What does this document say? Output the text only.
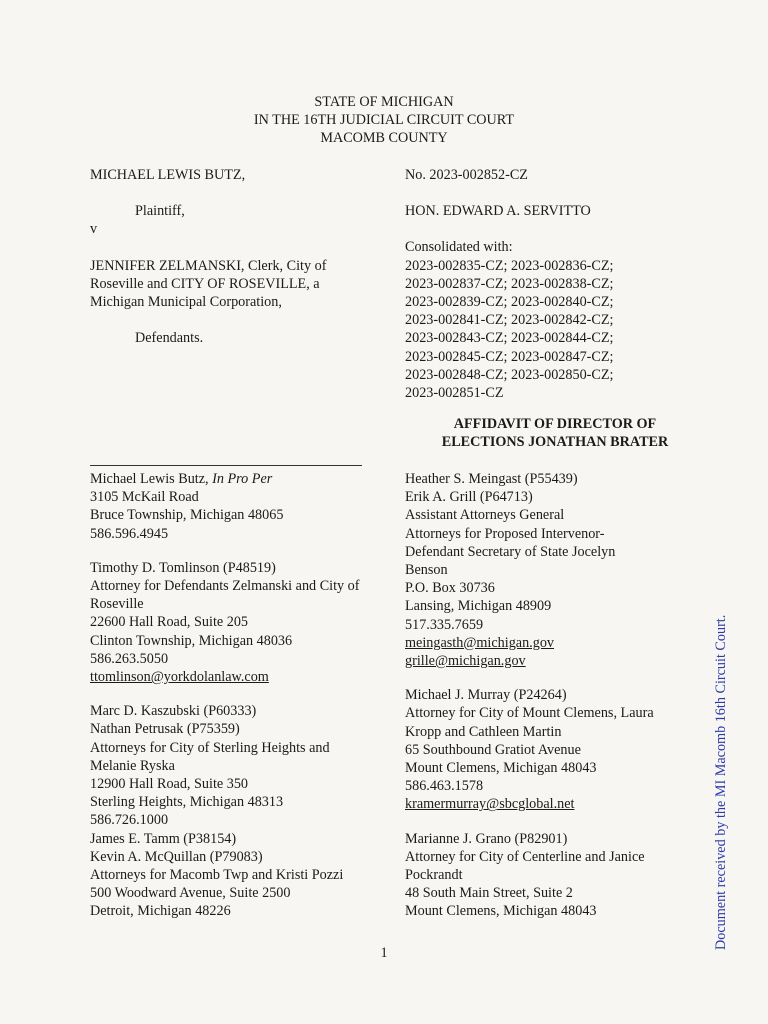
STATE OF MICHIGAN
IN THE 16TH JUDICIAL CIRCUIT COURT
MACOMB COUNTY
MICHAEL LEWIS BUTZ,
Plaintiff,
v
JENNIFER ZELMANSKI, Clerk, City of
Roseville and CITY OF ROSEVILLE, a
Michigan Municipal Corporation,
Defendants.
No. 2023-002852-CZ
HON. EDWARD A. SERVITTO
Consolidated with:
2023-002835-CZ; 2023-002836-CZ;
2023-002837-CZ; 2023-002838-CZ;
2023-002839-CZ; 2023-002840-CZ;
2023-002841-CZ; 2023-002842-CZ;
2023-002843-CZ; 2023-002844-CZ;
2023-002845-CZ; 2023-002847-CZ;
2023-002848-CZ; 2023-002850-CZ;
2023-002851-CZ
AFFIDAVIT OF DIRECTOR OF
ELECTIONS JONATHAN BRATER
Michael Lewis Butz, In Pro Per
3105 McKail Road
Bruce Township, Michigan 48065
586.596.4945
Timothy D. Tomlinson (P48519)
Attorney for Defendants Zelmanski and City of
Roseville
22600 Hall Road, Suite 205
Clinton Township, Michigan 48036
586.263.5050
ttomlinson@yorkdolanlaw.com
Marc D. Kaszubski (P60333)
Nathan Petrusak (P75359)
Attorneys for City of Sterling Heights and
Melanie Ryska
12900 Hall Road, Suite 350
Sterling Heights, Michigan 48313
586.726.1000
James E. Tamm (P38154)
Kevin A. McQuillan (P79083)
Attorneys for Macomb Twp and Kristi Pozzi
500 Woodward Avenue, Suite 2500
Detroit, Michigan 48226
Heather S. Meingast (P55439)
Erik A. Grill (P64713)
Assistant Attorneys General
Attorneys for Proposed Intervenor-
Defendant Secretary of State Jocelyn
Benson
P.O. Box 30736
Lansing, Michigan 48909
517.335.7659
meingasth@michigan.gov
grille@michigan.gov
Michael J. Murray (P24264)
Attorney for City of Mount Clemens, Laura
Kropp and Cathleen Martin
65 Southbound Gratiot Avenue
Mount Clemens, Michigan 48043
586.463.1578
kramermurray@sbcglobal.net
Marianne J. Grano (P82901)
Attorney for City of Centerline and Janice
Pockrandt
48 South Main Street, Suite 2
Mount Clemens, Michigan 48043
1
Document received by the MI Macomb 16th Circuit Court.
